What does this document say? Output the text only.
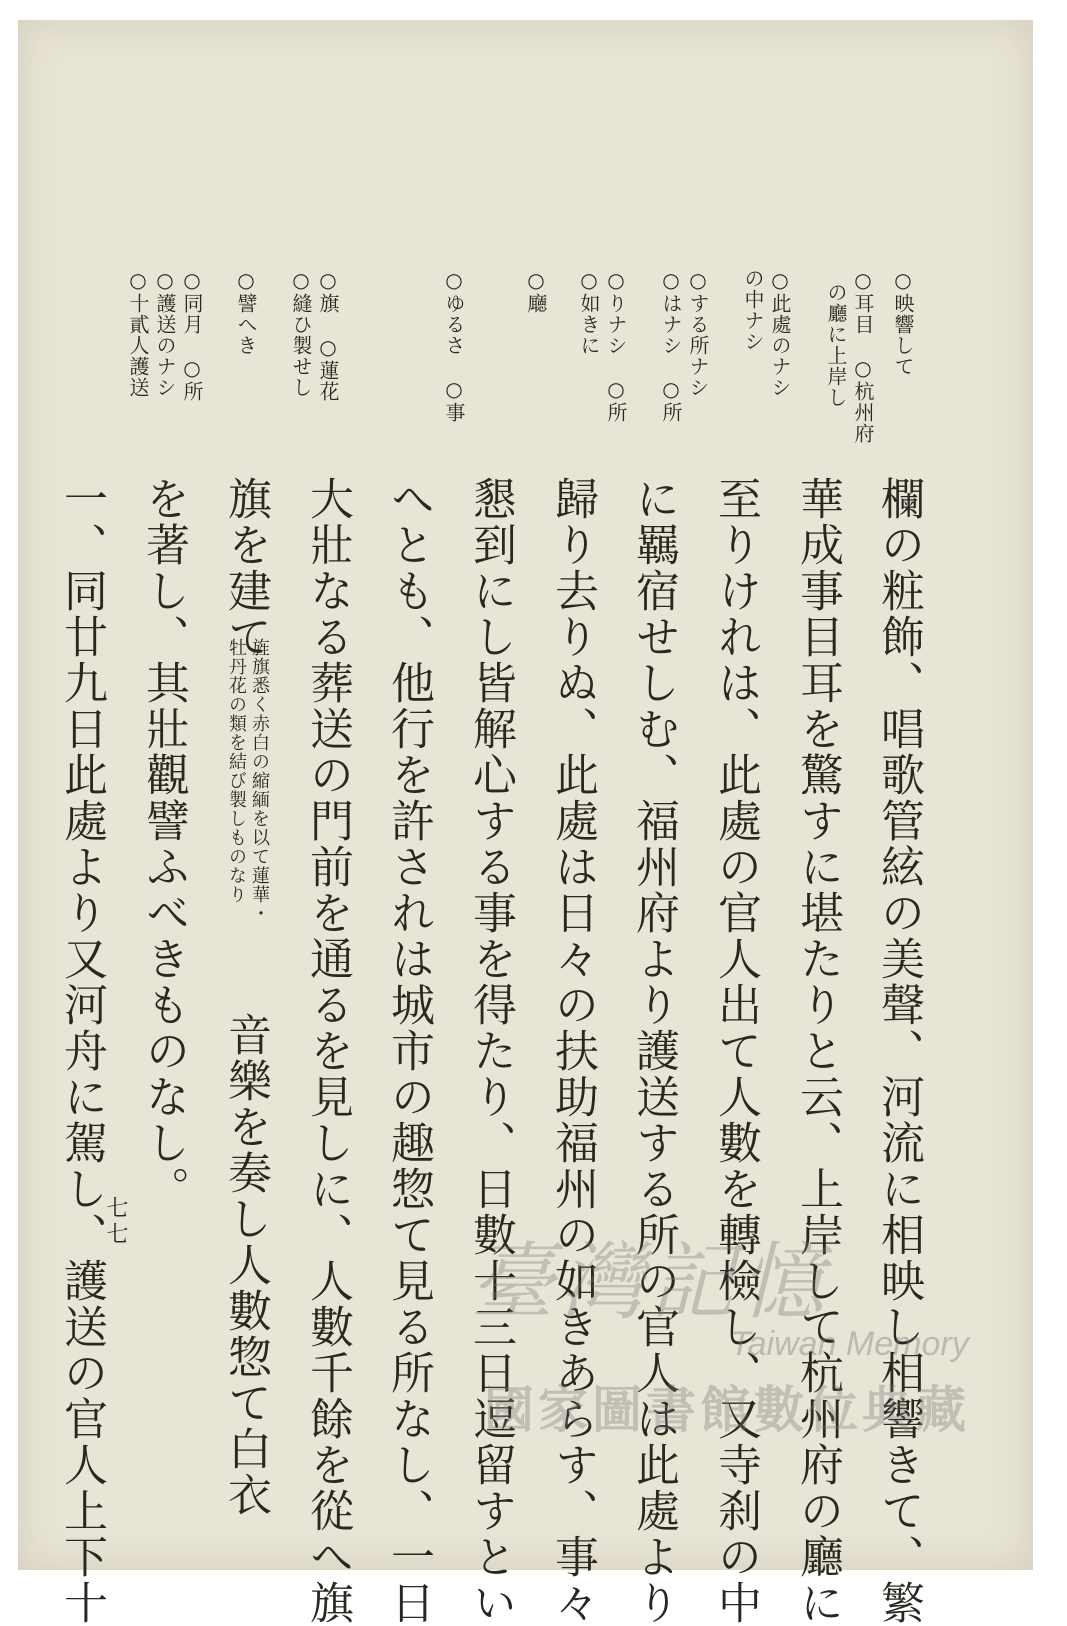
○映響して
○耳目　○杭州府
の廳に上岸し
○此處のナシ
の中ナシ
○する所ナシ
○はナシ　○所
○りナシ　○所
○如きに
○廰
○ゆるさ　○事
○旗　○蓮花
○縫ひ製せし
○譬へき
○同月　○所
○護送のナシ
○十貳人護送
欄の粧飾、唱歌管絃の美聲、河流に相映し相響きて、繁
華成事目耳を驚すに堪たりと云、上岸して杭州府の廳に
至りけれは、此處の官人出て人數を轉檢し、又寺刹の中
に羈宿せしむ、福州府より護送する所の官人は此處より
歸り去りぬ、此處は日々の扶助福州の如きあらす、事々
懇到にし皆解心する事を得たり、日數十三日逗留すとい
へとも、他行を許されは城市の趣惣て見る所なし、一日
大壯なる葬送の門前を通るを見しに、人數千餘を從へ旗
旗を建て
旌旗悉く赤白の縮緬を以て蓮華・
牡丹花の類を結び製しものなり
音樂を奏し人數惣て白衣
を著し、其壯觀譬ふべきものなし。
一、同廿九日此處より又河舟に駕し、護送の官人上下十
七七
臺灣記憶
Taiwan Memory
國家圖書館數位典藏
